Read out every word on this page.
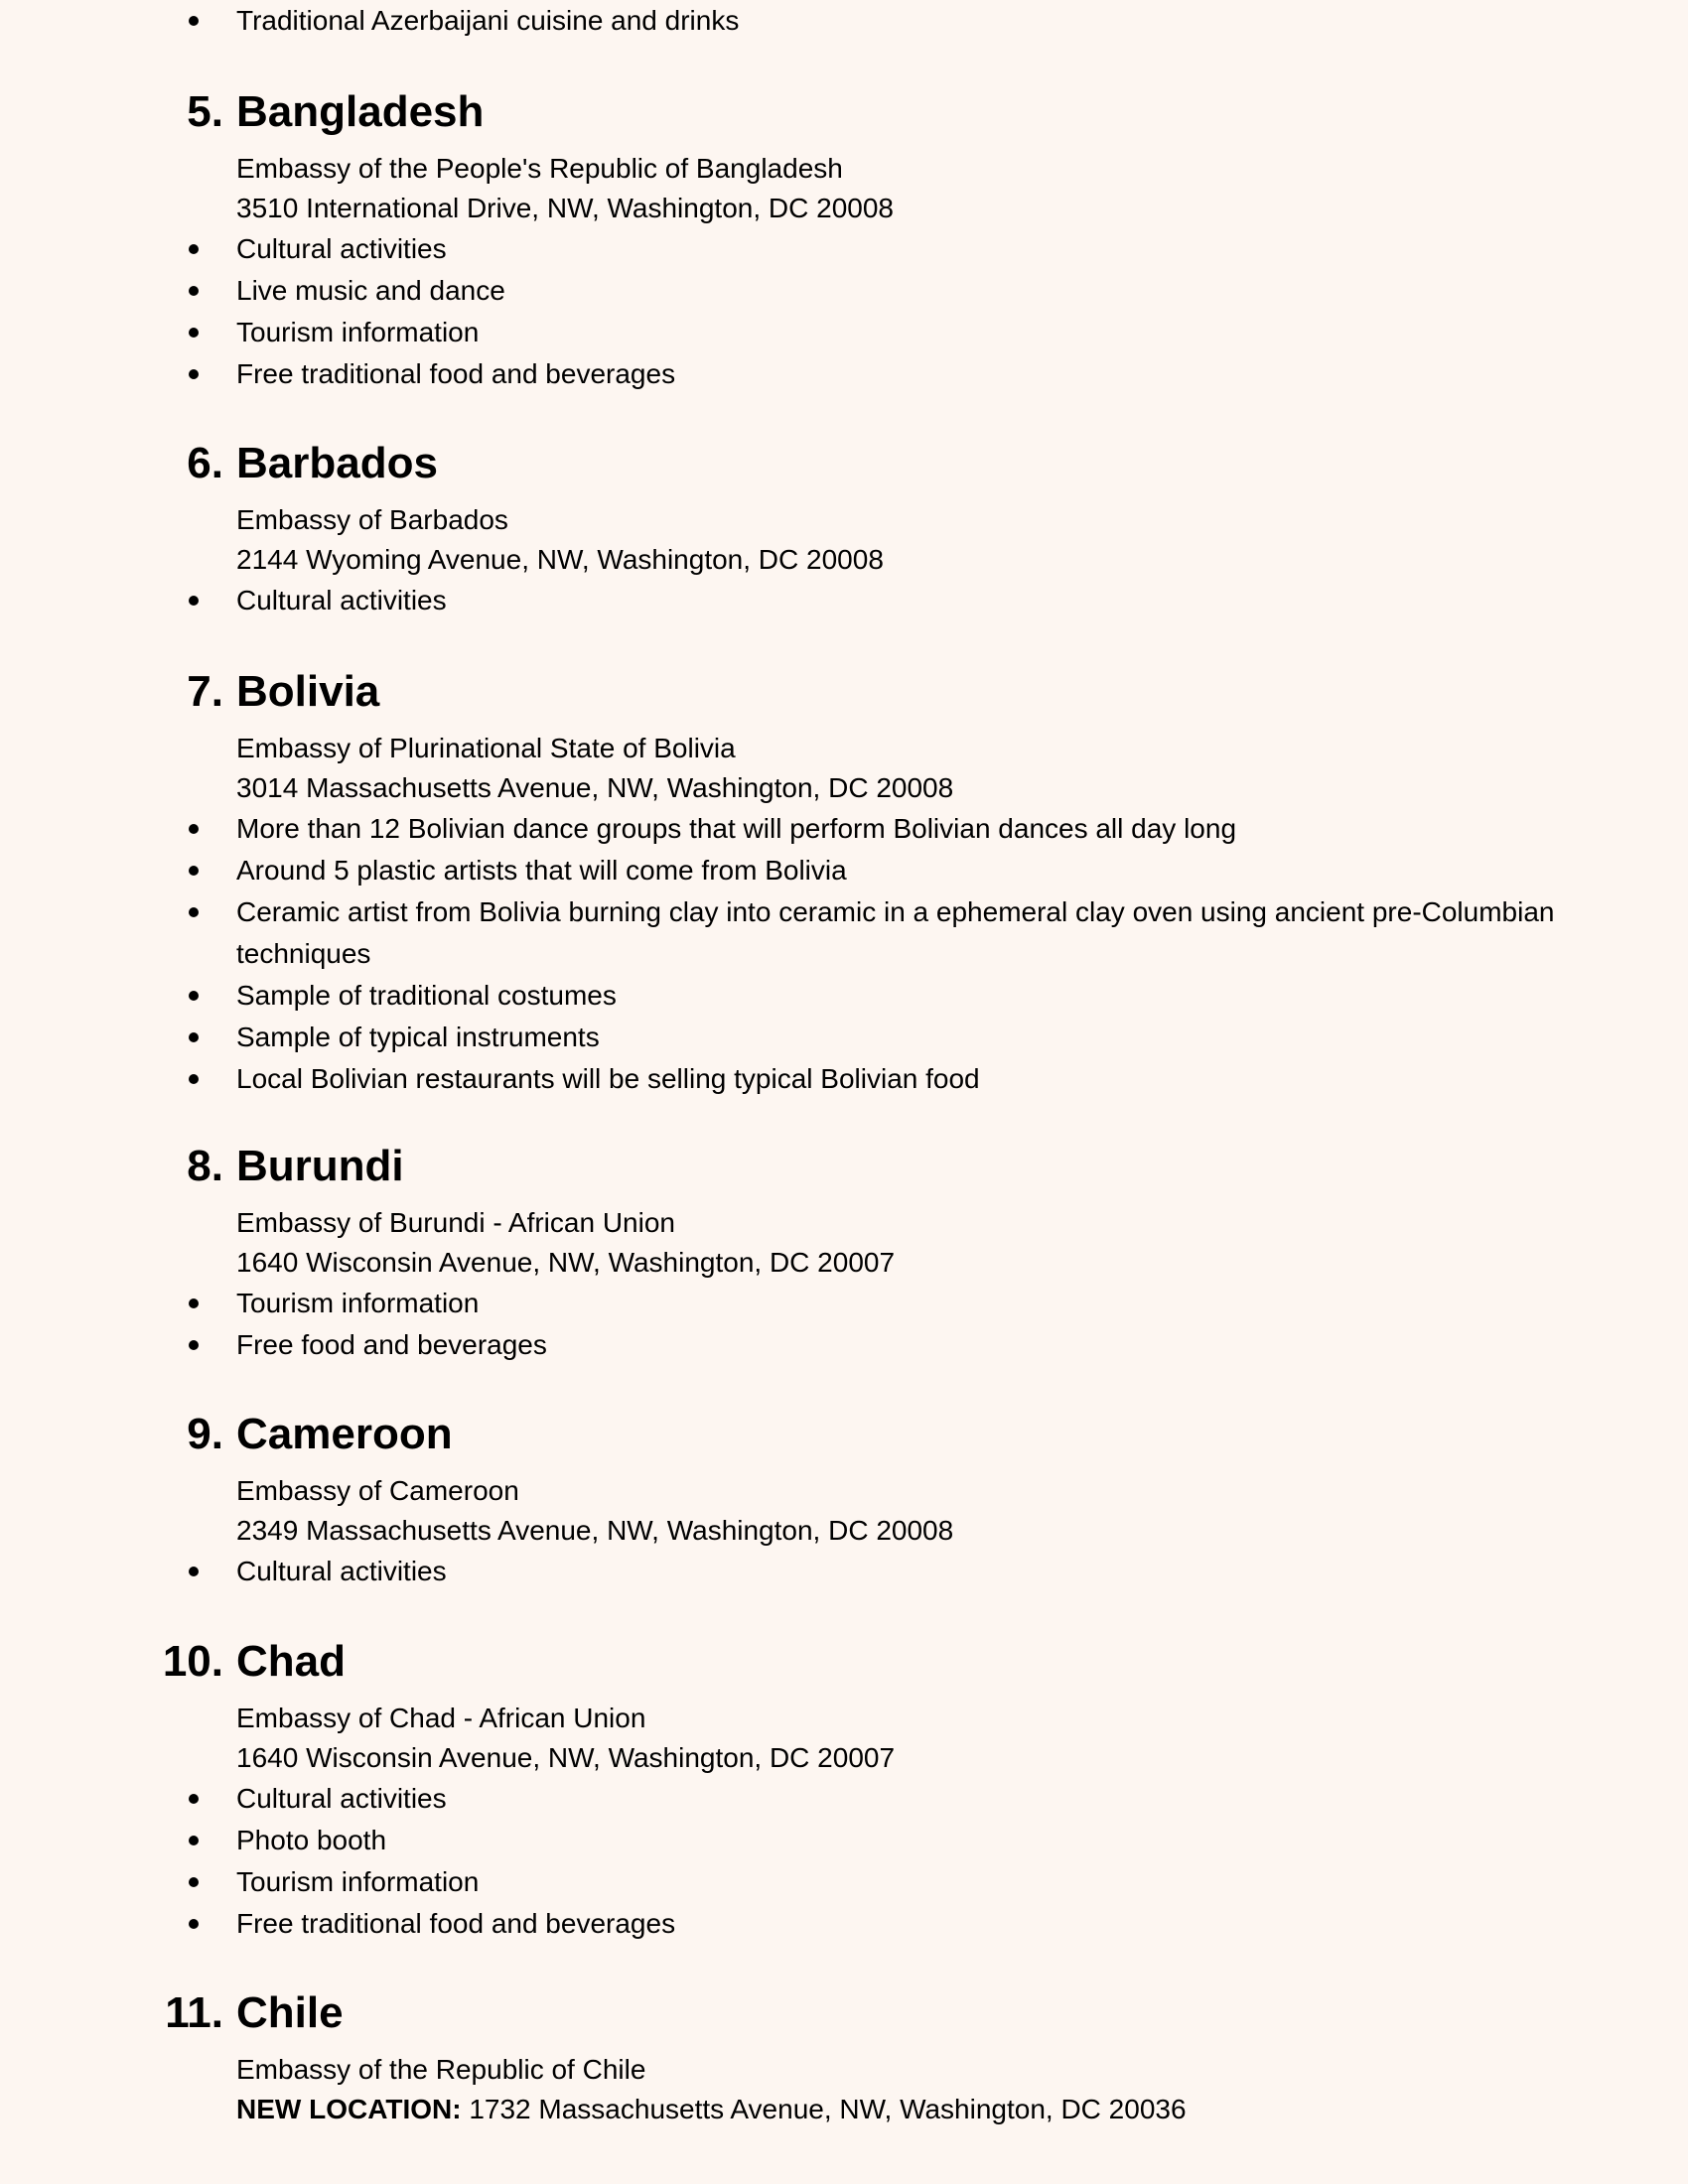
Traditional Azerbaijani cuisine and drinks
5. Bangladesh
Embassy of the People's Republic of Bangladesh
3510 International Drive, NW, Washington, DC 20008
Cultural activities
Live music and dance
Tourism information
Free traditional food and beverages
6. Barbados
Embassy of Barbados
2144 Wyoming Avenue, NW, Washington, DC 20008
Cultural activities
7. Bolivia
Embassy of Plurinational State of Bolivia
3014 Massachusetts Avenue, NW, Washington, DC 20008
More than 12 Bolivian dance groups that will perform Bolivian dances all day long
Around 5 plastic artists that will come from Bolivia
Ceramic artist from Bolivia burning clay into ceramic in a ephemeral clay oven using ancient pre-Columbian techniques
Sample of traditional costumes
Sample of typical instruments
Local Bolivian restaurants will be selling typical Bolivian food
8. Burundi
Embassy of Burundi - African Union
1640 Wisconsin Avenue, NW, Washington, DC 20007
Tourism information
Free food and beverages
9. Cameroon
Embassy of Cameroon
2349 Massachusetts Avenue, NW, Washington, DC 20008
Cultural activities
10. Chad
Embassy of Chad - African Union
1640 Wisconsin Avenue, NW, Washington, DC 20007
Cultural activities
Photo booth
Tourism information
Free traditional food and beverages
11. Chile
Embassy of the Republic of Chile
NEW LOCATION: 1732 Massachusetts Avenue, NW, Washington, DC 20036
